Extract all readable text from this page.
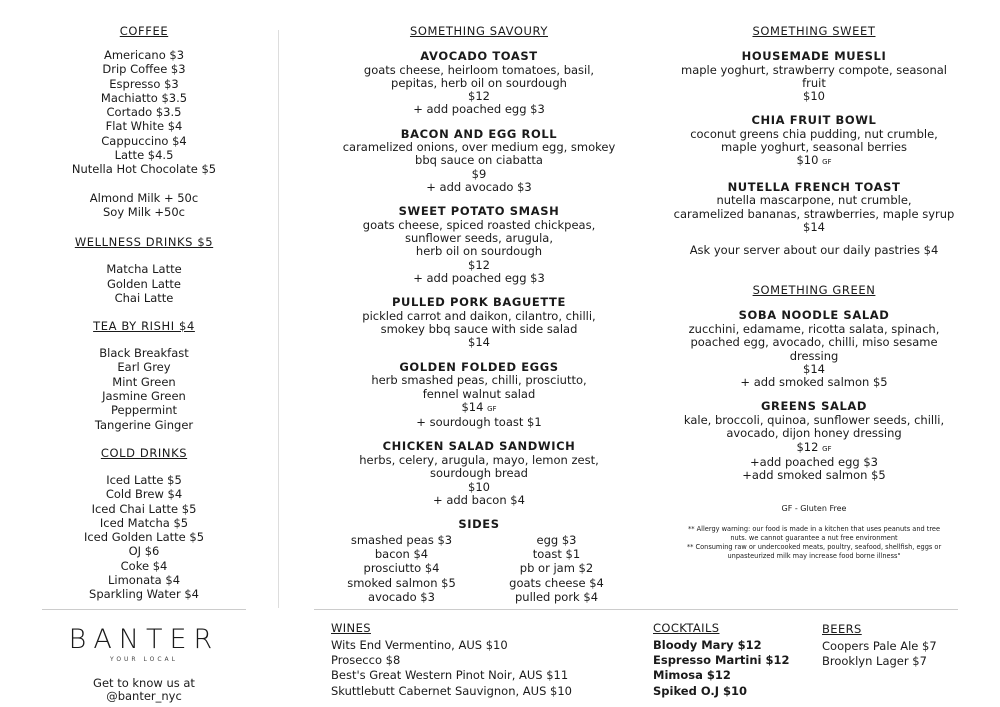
COFFEE
Americano $3
Drip Coffee $3
Espresso $3
Machiatto $3.5
Cortado $3.5
Flat White $4
Cappuccino $4
Latte $4.5
Nutella Hot Chocolate $5
Almond Milk + 50c
Soy Milk +50c
WELLNESS DRINKS $5
Matcha Latte
Golden Latte
Chai Latte
TEA BY RISHI $4
Black Breakfast
Earl Grey
Mint Green
Jasmine Green
Peppermint
Tangerine Ginger
COLD DRINKS
Iced Latte $5
Cold Brew $4
Iced Chai Latte $5
Iced Matcha $5
Iced Golden Latte $5
OJ $6
Coke $4
Limonata $4
Sparkling Water $4
BANTER
YOUR LOCAL
Get to know us at
@banter_nyc
SOMETHING SAVOURY
AVOCADO TOAST
goats cheese, heirloom tomatoes, basil,
pepitas, herb oil on sourdough
$12
+ add poached egg $3
BACON AND EGG ROLL
caramelized onions, over medium egg, smokey
bbq sauce on ciabatta
$9
+ add avocado $3
SWEET POTATO SMASH
goats cheese, spiced roasted chickpeas,
sunflower seeds, arugula,
herb oil on sourdough
$12
+ add poached egg $3
PULLED PORK BAGUETTE
pickled carrot and daikon, cilantro, chilli,
smokey bbq sauce with side salad
$14
GOLDEN FOLDED EGGS
herb smashed peas, chilli, prosciutto,
fennel walnut salad
$14 GF
+ sourdough toast $1
CHICKEN SALAD SANDWICH
herbs, celery, arugula, mayo, lemon zest,
sourdough bread
$10
+ add bacon $4
SIDES
smashed peas $3	egg $3
bacon $4	toast $1
prosciutto $4	pb or jam $2
smoked salmon $5	goats cheese $4
avocado $3	pulled pork $4
SOMETHING SWEET
HOUSEMADE MUESLI
maple yoghurt, strawberry compote, seasonal
fruit
$10
CHIA FRUIT BOWL
coconut greens chia pudding, nut crumble,
maple yoghurt, seasonal berries
$10 GF
NUTELLA FRENCH TOAST
nutella mascarpone, nut crumble,
caramelized bananas, strawberries, maple syrup
$14
Ask your server about our daily pastries $4
SOMETHING GREEN
SOBA NOODLE SALAD
zucchini, edamame, ricotta salata, spinach,
poached egg, avocado, chilli, miso sesame
dressing
$14
+ add smoked salmon $5
GREENS SALAD
kale, broccoli, quinoa, sunflower seeds, chilli,
avocado, dijon honey dressing
$12 GF
+add poached egg $3
+add smoked salmon $5
GF - Gluten Free
** Allergy warning: our food is made in a kitchen that uses peanuts and tree
nuts. we cannot guarantee a nut free environment
** Consuming raw or undercooked meats, poultry, seafood, shellfish, eggs or
unpasteurized milk may increase food borne illness"
WINES
Wits End Vermentino, AUS $10
Prosecco $8
Best's Great Western Pinot Noir, AUS $11
Skuttlebutt Cabernet Sauvignon, AUS $10
COCKTAILS
Bloody Mary $12
Espresso Martini $12
Mimosa $12
Spiked O.J $10
BEERS
Coopers Pale Ale $7
Brooklyn Lager $7
